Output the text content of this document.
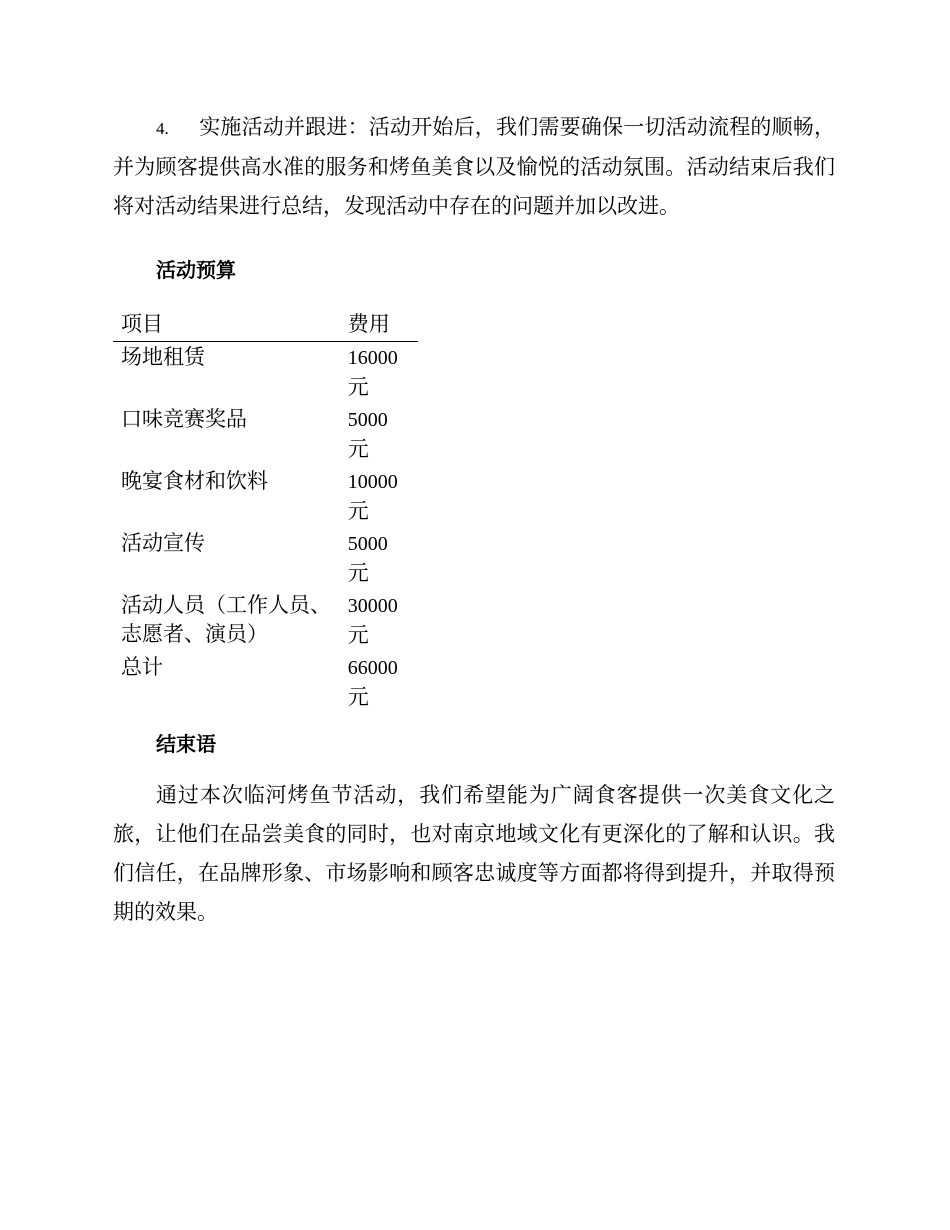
4. 实施活动并跟进：活动开始后，我们需要确保一切活动流程的顺畅，并为顾客提供高水准的服务和烤鱼美食以及愉悦的活动氛围。活动结束后我们将对活动结果进行总结，发现活动中存在的问题并加以改进。

活动预算
项目	费用
场地租赁	16000
元
口味竞赛奖品	5000
元
晚宴食材和饮料	10000
元
活动宣传	5000
元
活动人员（工作人员、志愿者、演员）	30000
元
总计	66000
元
结束语

通过本次临河烤鱼节活动，我们希望能为广阔食客提供一次美食文化之旅，让他们在品尝美食的同时，也对南京地域文化有更深化的了解和认识。我们信任，在品牌形象、市场影响和顾客忠诚度等方面都将得到提升，并取得预期的效果。
